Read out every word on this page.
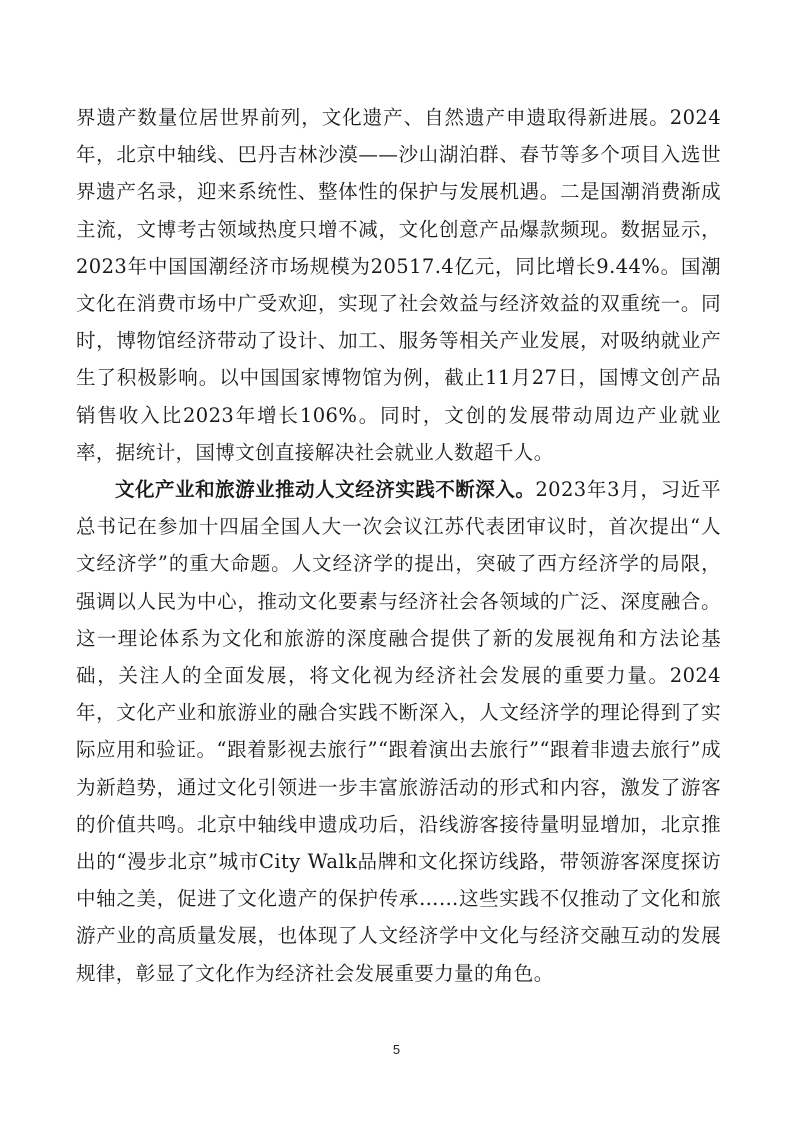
界遗产数量位居世界前列，文化遗产、自然遗产申遗取得新进展。2024年，北京中轴线、巴丹吉林沙漠——沙山湖泊群、春节等多个项目入选世界遗产名录，迎来系统性、整体性的保护与发展机遇。二是国潮消费渐成主流，文博考古领域热度只增不减，文化创意产品爆款频现。数据显示，2023年中国国潮经济市场规模为20517.4亿元，同比增长9.44%。国潮文化在消费市场中广受欢迎，实现了社会效益与经济效益的双重统一。同时，博物馆经济带动了设计、加工、服务等相关产业发展，对吸纳就业产生了积极影响。以中国国家博物馆为例，截止11月27日，国博文创产品销售收入比2023年增长106%。同时，文创的发展带动周边产业就业率，据统计，国博文创直接解决社会就业人数超千人。

文化产业和旅游业推动人文经济实践不断深入。2023年3月，习近平总书记在参加十四届全国人大一次会议江苏代表团审议时，首次提出“人文经济学”的重大命题。人文经济学的提出，突破了西方经济学的局限，强调以人民为中心，推动文化要素与经济社会各领域的广泛、深度融合。这一理论体系为文化和旅游的深度融合提供了新的发展视角和方法论基础，关注人的全面发展，将文化视为经济社会发展的重要力量。2024年，文化产业和旅游业的融合实践不断深入，人文经济学的理论得到了实际应用和验证。“跟着影视去旅行”“跟着演出去旅行”“跟着非遗去旅行”成为新趋势，通过文化引领进一步丰富旅游活动的形式和内容，激发了游客的价值共鸣。北京中轴线申遗成功后，沿线游客接待量明显增加，北京推出的“漫步北京”城市City Walk品牌和文化探访线路，带领游客深度探访中轴之美，促进了文化遗产的保护传承……这些实践不仅推动了文化和旅游产业的高质量发展，也体现了人文经济学中文化与经济交融互动的发展规律，彰显了文化作为经济社会发展重要力量的角色。

5
